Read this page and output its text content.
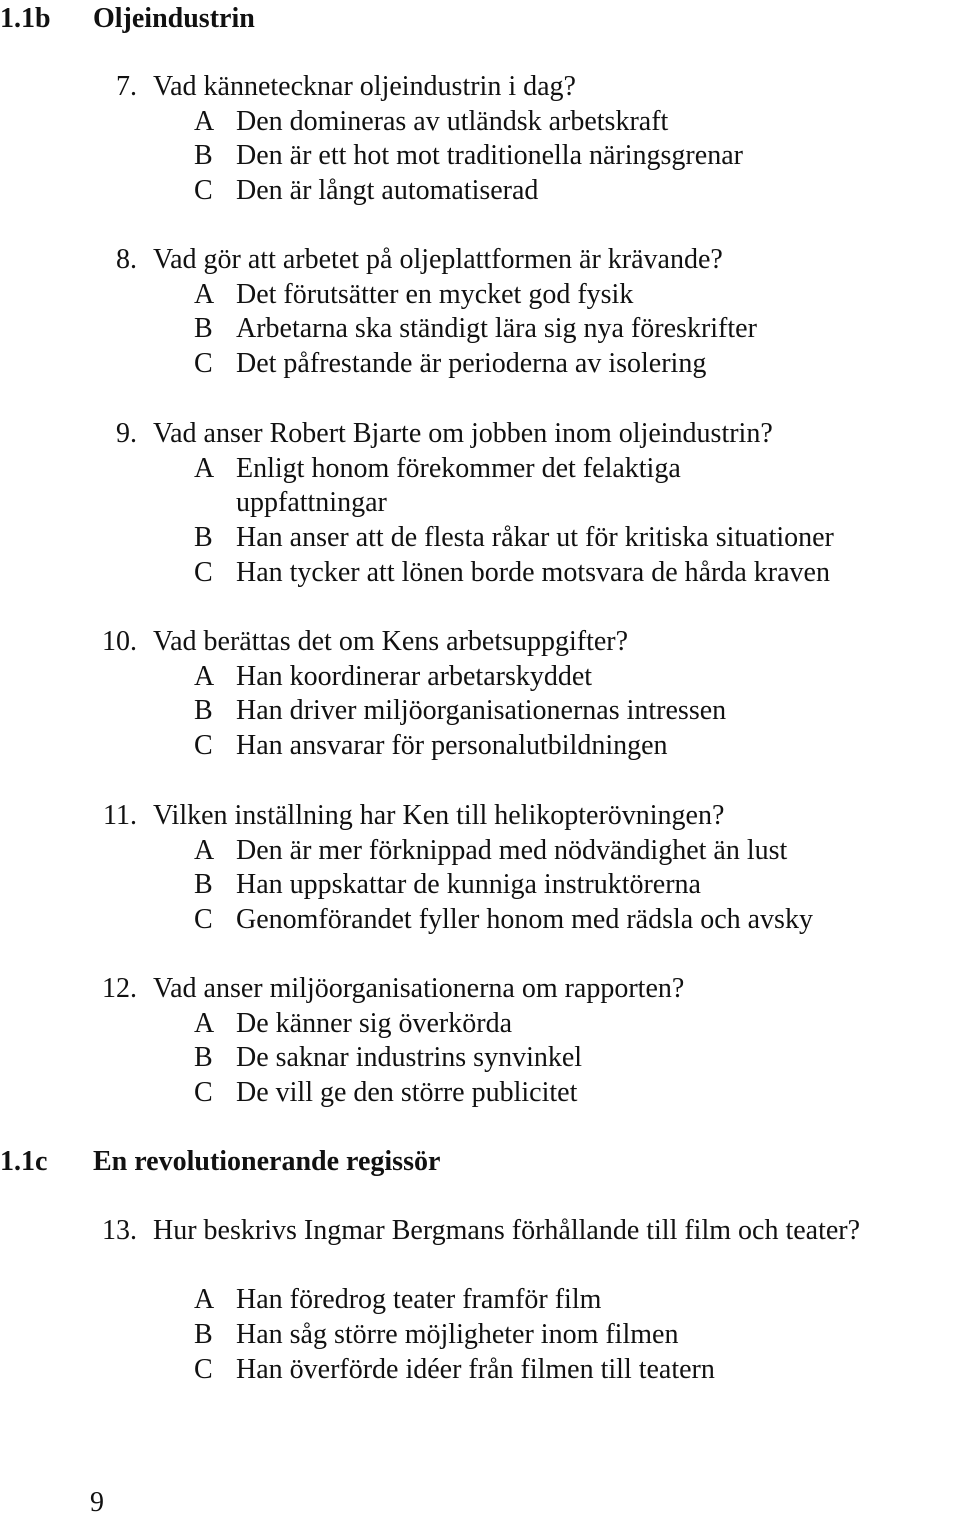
1.1b Oljeindustrin
7. Vad kännetecknar oljeindustrin i dag?
A Den domineras av utländsk arbetskraft
B Den är ett hot mot traditionella näringsgrenar
C Den är långt automatiserad
8. Vad gör att arbetet på oljeplattformen är krävande?
A Det förutsätter en mycket god fysik
B Arbetarna ska ständigt lära sig nya föreskrifter
C Det påfrestande är perioderna av isolering
9. Vad anser Robert Bjarte om jobben inom oljeindustrin?
A Enligt honom förekommer det felaktiga uppfattningar
B Han anser att de flesta råkar ut för kritiska situationer
C Han tycker att lönen borde motsvara de hårda kraven
10. Vad berättas det om Kens arbetsuppgifter?
A Han koordinerar arbetarskyddet
B Han driver miljöorganisationernas intressen
C Han ansvarar för personalutbildningen
11. Vilken inställning har Ken till helikopterövningen?
A Den är mer förknippad med nödvändighet än lust
B Han uppskattar de kunniga instruktörerna
C Genomförandet fyller honom med rädsla och avsky
12. Vad anser miljöorganisationerna om rapporten?
A De känner sig överkörda
B De saknar industrins synvinkel
C De vill ge den större publicitet
1.1c En revolutionerande regissör
13. Hur beskrivs Ingmar Bergmans förhållande till film och teater?
A Han föredrog teater framför film
B Han såg större möjligheter inom filmen
C Han överförde idéer från filmen till teatern
9
